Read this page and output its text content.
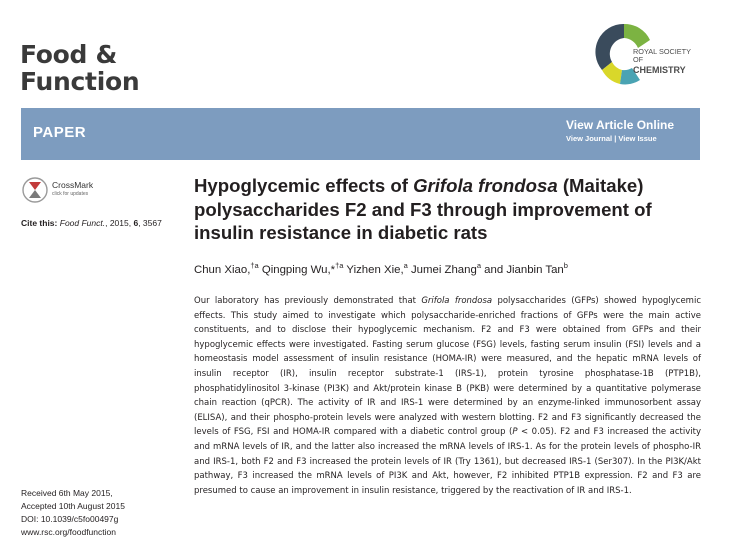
Food &
Function
ROYAL SOCIETY
OF
CHEMISTRY
PAPER	View Article Online
View Journal | View Issue
CrossMark
click for updates
Cite this: Food Funct., 2015, 6, 3567
Hypoglycemic effects of Grifola frondosa (Maitake) polysaccharides F2 and F3 through improvement of insulin resistance in diabetic rats
Chun Xiao,$^{\dagger a}$ Qingping Wu,*$^{\dagger a}$ Yizhen Xie,$^a$ Jumei Zhang$^a$ and Jianbin Tan$^b$

Our laboratory has previously demonstrated that Grifola frondosa polysaccharides (GFPs) showed hypoglycemic effects. This study aimed to investigate which polysaccharide-enriched fractions of GFPs were the main active constituents, and to disclose their hypoglycemic mechanism. F2 and F3 were obtained from GFPs and their hypoglycemic effects were investigated. Fasting serum glucose (FSG) levels, fasting serum insulin (FSI) levels and a homeostasis model assessment of insulin resistance (HOMA-IR) were measured, and the hepatic mRNA levels of insulin receptor (IR), insulin receptor substrate-1 (IRS-1), protein tyrosine phosphatase-1B (PTP1B), phosphatidylinositol 3-kinase (PI3K) and Akt/protein kinase B (PKB) were determined by a quantitative polymerase chain reaction (qPCR). The activity of IR and IRS-1 were determined by an enzyme-linked immunosorbent assay (ELISA), and their phospho-protein levels were analyzed with western blotting. F2 and F3 significantly decreased the levels of FSG, FSI and HOMA-IR compared with a diabetic control group (P < 0.05). F2 and F3 increased the activity and mRNA levels of IR, and the latter also increased the mRNA levels of IRS-1. As for the protein levels of phospho-IR and IRS-1, both F2 and F3 increased the protein levels of IR (Try 1361), but decreased IRS-1 (Ser307). In the PI3K/Akt pathway, F3 increased the mRNA levels of PI3K and Akt, however, F2 inhibited PTP1B expression. F2 and F3 are presumed to cause an improvement in insulin resistance, triggered by the reactivation of IR and IRS-1.

Received 6th May 2015,
Accepted 10th August 2015
DOI: 10.1039/c5fo00497g
www.rsc.org/foodfunction
